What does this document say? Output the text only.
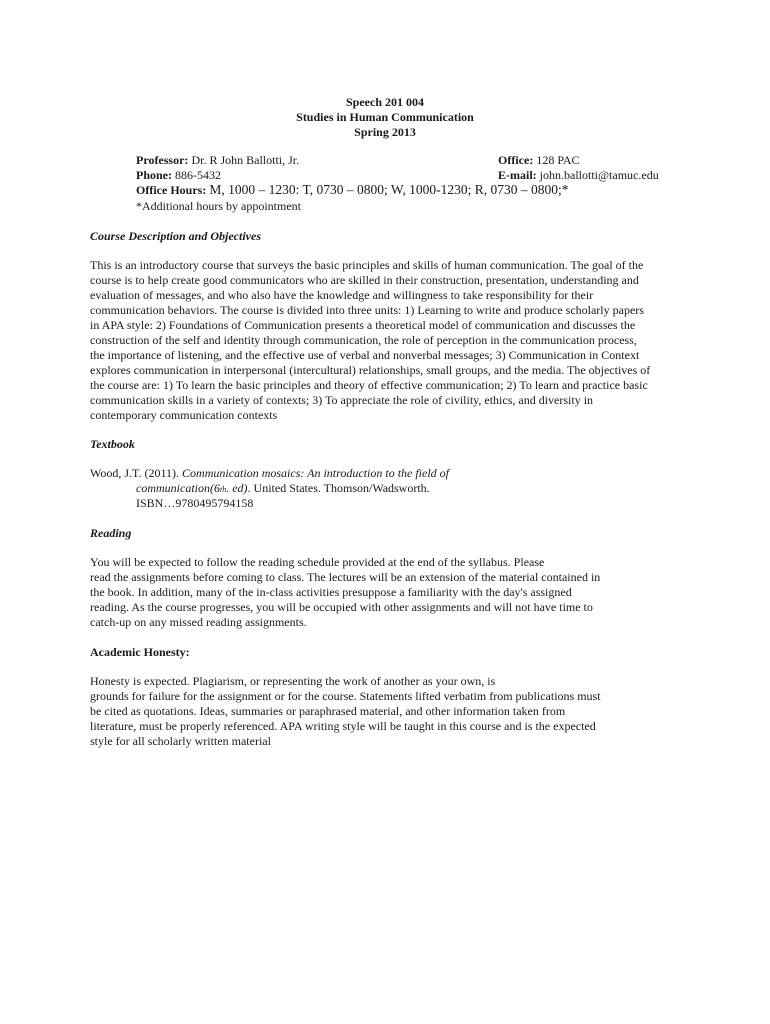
Speech 201 004
Studies in Human Communication
Spring 2013
Professor: Dr. R John Ballotti, Jr.	Office: 128 PAC
Phone: 886-5432	E-mail: john.ballotti@tamuc.edu
Office Hours: M, 1000 – 1230: T, 0730 – 0800; W, 1000-1230; R, 0730 – 0800;*
*Additional hours by appointment
Course Description and Objectives
This is an introductory course that surveys the basic principles and skills of human communication. The goal of the
course is to help create good communicators who are skilled in their construction, presentation, understanding and
evaluation of messages, and who also have the knowledge and willingness to take responsibility for their
communication behaviors. The course is divided into three units: 1) Learning to write and produce scholarly papers
in APA style: 2) Foundations of Communication presents a theoretical model of communication and discusses the
construction of the self and identity through communication, the role of perception in the communication process,
the importance of listening, and the effective use of verbal and nonverbal messages; 3) Communication in Context
explores communication in interpersonal (intercultural) relationships, small groups, and the media. The objectives of
the course are: 1) To learn the basic principles and theory of effective communication; 2) To learn and practice basic
communication skills in a variety of contexts; 3) To appreciate the role of civility, ethics, and diversity in
contemporary communication contexts
Textbook
Wood, J.T. (2011). Communication mosaics: An introduction to the field of
communication(6th. ed). United States. Thomson/Wadsworth.
ISBN…9780495794158
Reading
You will be expected to follow the reading schedule provided at the end of the syllabus. Please
read the assignments before coming to class. The lectures will be an extension of the material contained in
the book. In addition, many of the in-class activities presuppose a familiarity with the day's assigned
reading. As the course progresses, you will be occupied with other assignments and will not have time to
catch-up on any missed reading assignments.
Academic Honesty:
Honesty is expected. Plagiarism, or representing the work of another as your own, is
grounds for failure for the assignment or for the course. Statements lifted verbatim from publications must
be cited as quotations. Ideas, summaries or paraphrased material, and other information taken from
literature, must be properly referenced. APA writing style will be taught in this course and is the expected
style for all scholarly written material
